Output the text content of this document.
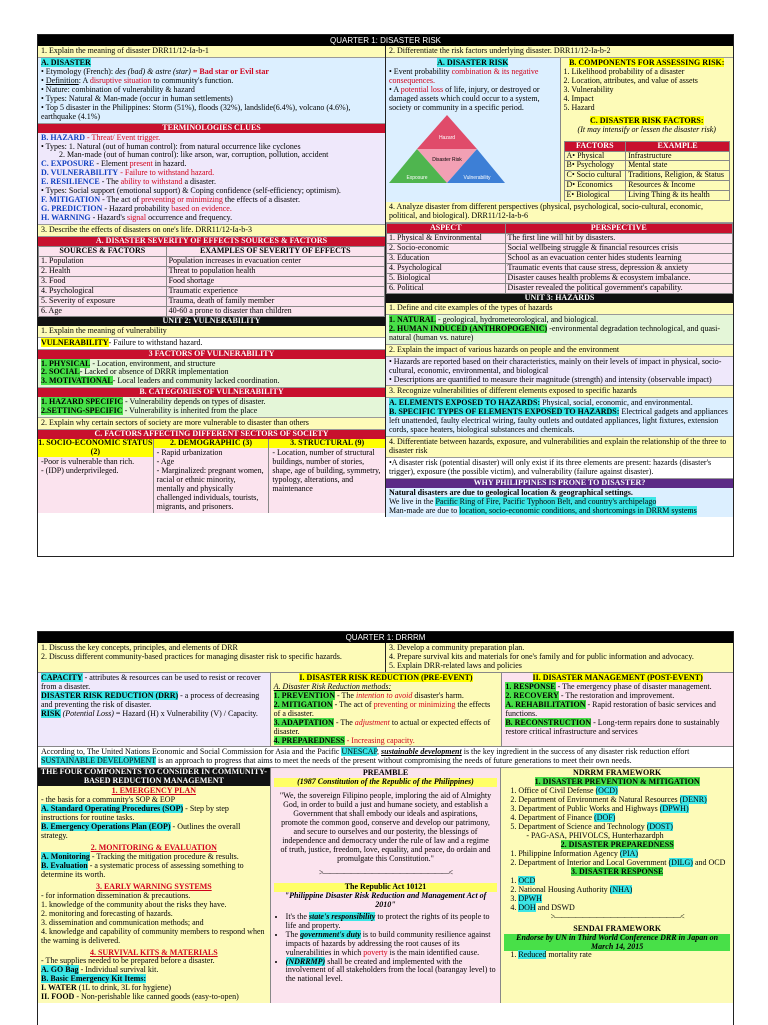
QUARTER 1: DISASTER RISK
1. Explain the meaning of disaster DRR11/12-Ia-b-1
A. DISASTER
• Etymology (French): des (bad) & astre (star) = Bad star or Evil star
• Definition: A disruptive situation to community's function.
• Nature: combination of vulnerability & hazard
• Types: Natural & Man-made (occur in human settlements)
• Top 5 disaster in the Philippines: Storm (51%), floods (32%), landslide(6.4%), volcano (4.6%), earthquake (4.1%)
TERMINOLOGIES CLUES
B. HAZARD - Threat/ Event trigger.
• Types: 1. Natural (out of human control): from natural occurrence like cyclones
2. Man-made (out of human control): like arson, war, corruption, pollution, accident
C. EXPOSURE - Element present in hazard.
D. VULNERABILITY - Failure to withstand hazard.
E. RESILIENCE - The ability to withstand a disaster.
• Types: Social support (emotional support) & Coping confidence (self-efficiency; optimism).
F. MITIGATION - The act of preventing or minimizing the effects of a disaster.
G. PREDICTION - Hazard probability based on evidence.
H. WARNING - Hazard's signal occurrence and frequency.
3. Describe the effects of disasters on one's life. DRR11/12-Ia-b-3
A. DISASTER SEVERITY OF EFFECTS SOURCES & FACTORS
SOURCES & FACTORS	EXAMPLES OF SEVERITY OF EFFECTS
1. Population	Population increases in evacuation center
2. Health	Threat to population health
3. Food	Food shortage
4. Psychological	Traumatic experience
5. Severity of exposure	Trauma, death of family member
6. Age	40-60 a prone to disaster than children
UNIT 2: VULNERABILITY
1. Explain the meaning of vulnerability
VULNERABILITY- Failure to withstand hazard.
3 FACTORS OF VULNERABILITY
1. PHYSICAL - Location, environment, and structure
2. SOCIAL- Lacked or absence of DRRR implementation
3. MOTIVATIONAL- Local leaders and community lacked coordination.
B. CATEGORIES OF VULNERABILITY
1. HAZARD SPECIFIC - Vulnerability depends on types of disaster.
2.SETTING-SPECIFIC - Vulnerability is inherited from the place
2. Explain why certain sectors of society are more vulnerable to disaster than others
C. FACTORS AFFECTING DIFFERENT SECTORS OF SOCIETY
1. SOCIO-ECONOMIC STATUS (2)
-Poor is vulnerable than rich.
- (IDP) underprivileged.
2. DEMOGRAPHIC (3)
- Rapid urbanization
- Age
- Marginalized: pregnant women, racial or ethnic minority, mentally and physically challenged individuals, tourists, migrants, and prisoners.
3. STRUCTURAL (9)
- Location, number of structural buildings, number of stories, shape, age of building, symmetry, typology, alterations, and maintenance
2. Differentiate the risk factors underlying disaster. DRR11/12-Ia-b-2
A. DISASTER RISK
• Event probability combination & its negative consequences.
• A potential loss of life, injury, or destroyed or damaged assets which could occur to a system, society or community in a specific period.
Hazard
Disaster Risk
Exposure	Vulnerability
B. COMPONENTS FOR ASSESSING RISK:
1. Likelihood probability of a disaster
2. Location, attributes, and value of assets
3. Vulnerability
4. Impact
5. Hazard
C. DISASTER RISK FACTORS:
(It may intensify or lessen the disaster risk)
FACTORS	EXAMPLE
A• Physical	Infrastructure
B• Psychology	Mental state
C• Socio cultural	Traditions, Religion, & Status
D• Economics	Resources & Income
E• Biological	Living Thing & its health
4. Analyze disaster from different perspectives (physical, psychological, socio-cultural, economic, political, and biological). DRR11/12-Ia-b-6
ASPECT	PERSPECTIVE
1. Physical & Environmental	The first line will hit by disasters.
2. Socio-economic	Social wellbeing struggle & financial resources crisis
3. Education	School as an evacuation center hides students learning
4. Psychological	Traumatic events that cause stress, depression & anxiety
5. Biological	Disaster causes health problems & ecosystem imbalance.
6. Political	Disaster revealed the political government's capability.
UNIT 3: HAZARDS
1. Define and cite examples of the types of hazards
1. NATURAL - geological, hydrometeorological, and biological.
2. HUMAN INDUCED (ANTHROPOGENIC) -environmental degradation technological, and quasi-natural (human vs. nature)
2. Explain the impact of various hazards on people and the environment
• Hazards are reported based on their characteristics, mainly on their levels of impact in physical, socio-cultural, economic, environmental, and biological
• Descriptions are quantified to measure their magnitude (strength) and intensity (observable impact)
3. Recognize vulnerabilities of different elements exposed to specific hazards
A. ELEMENTS EXPOSED TO HAZARDS: Physical, social, economic, and environmental.
B. SPECIFIC TYPES OF ELEMENTS EXPOSED TO HAZARDS: Electrical gadgets and appliances left unattended, faulty electrical wiring, faulty outlets and outdated appliances, light fixtures, extension cords, space heaters, biological substances and chemicals.
4. Differentiate between hazards, exposure, and vulnerabilities and explain the relationship of the three to disaster risk
•A disaster risk (potential disaster) will only exist if its three elements are present: hazards (disaster's trigger), exposure (the possible victim), and vulnerability (failure against disaster).
WHY PHILIPPINES IS PRONE TO DISASTER?
Natural disasters are due to geological location & geographical settings.
We live in the Pacific Ring of Fire, Pacific Typhoon Belt, and country's archipelago
Man-made are due to location, socio-economic conditions, and shortcomings in DRRM systems
QUARTER 1: DRRRM
1. Discuss the key concepts, principles, and elements of DRR
2. Discuss different community-based practices for managing disaster risk to specific hazards.
3. Develop a community preparation plan.
4. Prepare survival kits and materials for one's family and for public information and advocacy.
5. Explain DRR-related laws and policies
CAPACITY - attributes & resources can be used to resist or recover from a disaster.
DISASTER RISK REDUCTION (DRR) - a process of decreasing and preventing the risk of disaster.
RISK (Potential Loss) = Hazard (H) x Vulnerability (V) / Capacity.
I. DISASTER RISK REDUCTION (PRE-EVENT)
A. Disaster Risk Reduction methods:
1. PREVENTION - The intention to avoid disaster's harm.
2. MITIGATION - The act of preventing or minimizing the effects of a disaster.
3. ADAPTATION - The adjustment to actual or expected effects of disaster.
4. PREPAREDNESS - Increasing capacity.
II. DISASTER MANAGEMENT (POST-EVENT)
1. RESPONSE - The emergency phase of disaster management.
2. RECOVERY - The restoration and improvement.
A. REHABILITATION - Rapid restoration of basic services and functions.
B. RECONSTRUCTION - Long-term repairs done to sustainably restore critical infrastructure and services
According to, The United Nations Economic and Social Commission for Asia and the Pacific UNESCAP, sustainable development is the key ingredient in the success of any disaster risk reduction effort SUSTAINABLE DEVELOPMENT is an approach to progress that aims to meet the needs of the present without compromising the needs of future generations to meet their own needs.
THE FOUR COMPONENTS TO CONSIDER IN COMMUNITY-BASED REDUCTION MANAGEMENT
1. EMERGENCY PLAN
- the basis for a community's SOP & EOP
A. Standard Operating Procedures (SOP) - Step by step instructions for routine tasks.
B. Emergency Operations Plan (EOP) - Outlines the overall strategy.
2. MONITORING & EVALUATION
A. Monitoring - Tracking the mitigation procedure & results.
B. Evaluation - a systematic process of assessing something to determine its worth.
3. EARLY WARNING SYSTEMS
- for information dissemination & precautions.
1. knowledge of the community about the risks they have.
2. monitoring and forecasting of hazards.
3. dissemination and communication methods; and
4. knowledge and capability of community members to respond when the warning is delivered.
4. SURVIVAL KITS & MATERIALS
- The supplies needed to be prepared before a disaster.
A. GO Bag - Individual survival kit.
B. Basic Emergency Kit Items:
I. WATER (1L to drink, 3L for hygiene)
II. FOOD - Non-perishable like canned goods (easy-to-open)
PREAMBLE
(1987 Constitution of the Republic of the Philippines)
"We, the sovereign Filipino people, imploring the aid of Almighty God, in order to build a just and humane society, and establish a Government that shall embody our ideals and aspirations, promote the common good, conserve and develop our patrimony, and secure to ourselves and our posterity, the blessings of independence and democracy under the rule of law and a regime of truth, justice, freedom, love, equality, and peace, do ordain and promulgate this Constitution."
>——————————————————<
The Republic Act 10121
"Philippine Disaster Risk Reduction and Management Act of 2010"
• It's the state's responsibility to protect the rights of its people to life and property.
• The government's duty is to build community resilience against impacts of hazards by addressing the root causes of its vulnerabilities in which poverty is the main identified cause.
• (NDRRMP) shall be created and implemented with the involvement of all stakeholders from the local (barangay level) to the national level.
NDRRM FRAMEWORK
1. DISASTER PREVENTION & MITIGATION
1. Office of Civil Defense (OCD)
2. Department of Environment & Natural Resources (DENR)
3. Department of Public Works and Highways (DPWH)
4. Department of Finance (DOF)
5. Department of Science and Technology (DOST)
- PAG-ASA, PHIVOLCS, Hunterhazardph
2. DISASTER PREPAREDNESS
1. Philippine Information Agency (PIA)
2. Department of Interior and Local Government (DILG) and OCD
3. DISASTER RESPONSE
1. OCD
2. National Housing Authority (NHA)
3. DPWH
4. DOH and DSWD
>——————————————————<
SENDAI FRAMEWORK
Endorse by UN in Third World Conference DRR in Japan on March 14, 2015
1. Reduced mortality rate
